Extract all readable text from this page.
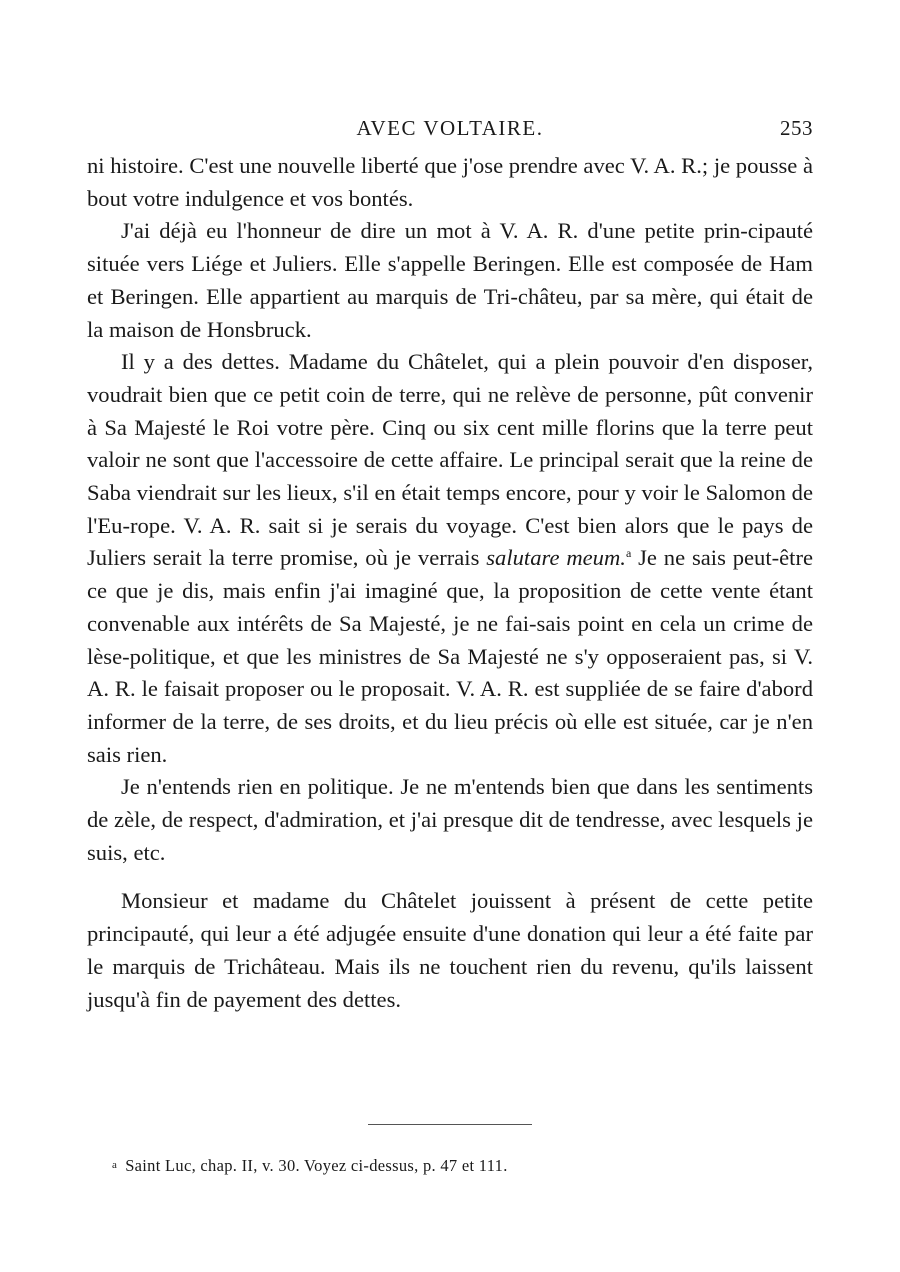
AVEC VOLTAIRE.	253

ni histoire. C'est une nouvelle liberté que j'ose prendre avec V. A. R.; je pousse à bout votre indulgence et vos bontés.

J'ai déjà eu l'honneur de dire un mot à V. A. R. d'une petite prin-cipauté située vers Liége et Juliers. Elle s'appelle Beringen. Elle est composée de Ham et Beringen. Elle appartient au marquis de Tri-châteu, par sa mère, qui était de la maison de Honsbruck.

Il y a des dettes. Madame du Châtelet, qui a plein pouvoir d'en disposer, voudrait bien que ce petit coin de terre, qui ne relève de personne, pût convenir à Sa Majesté le Roi votre père. Cinq ou six cent mille florins que la terre peut valoir ne sont que l'accessoire de cette affaire. Le principal serait que la reine de Saba viendrait sur les lieux, s'il en était temps encore, pour y voir le Salomon de l'Eu-rope. V. A. R. sait si je serais du voyage. C'est bien alors que le pays de Juliers serait la terre promise, où je verrais salutare meum.$^a$ Je ne sais peut-être ce que je dis, mais enfin j'ai imaginé que, la proposition de cette vente étant convenable aux intérêts de Sa Majesté, je ne fai-sais point en cela un crime de lèse-politique, et que les ministres de Sa Majesté ne s'y opposeraient pas, si V. A. R. le faisait proposer ou le proposait. V. A. R. est suppliée de se faire d'abord informer de la terre, de ses droits, et du lieu précis où elle est située, car je n'en sais rien.

Je n'entends rien en politique. Je ne m'entends bien que dans les sentiments de zèle, de respect, d'admiration, et j'ai presque dit de tendresse, avec lesquels je suis, etc.

Monsieur et madame du Châtelet jouissent à présent de cette petite principauté, qui leur a été adjugée ensuite d'une donation qui leur a été faite par le marquis de Trichâteau. Mais ils ne touchent rien du revenu, qu'ils laissent jusqu'à fin de payement des dettes.

a Saint Luc, chap. II, v. 30. Voyez ci-dessus, p. 47 et 111.
